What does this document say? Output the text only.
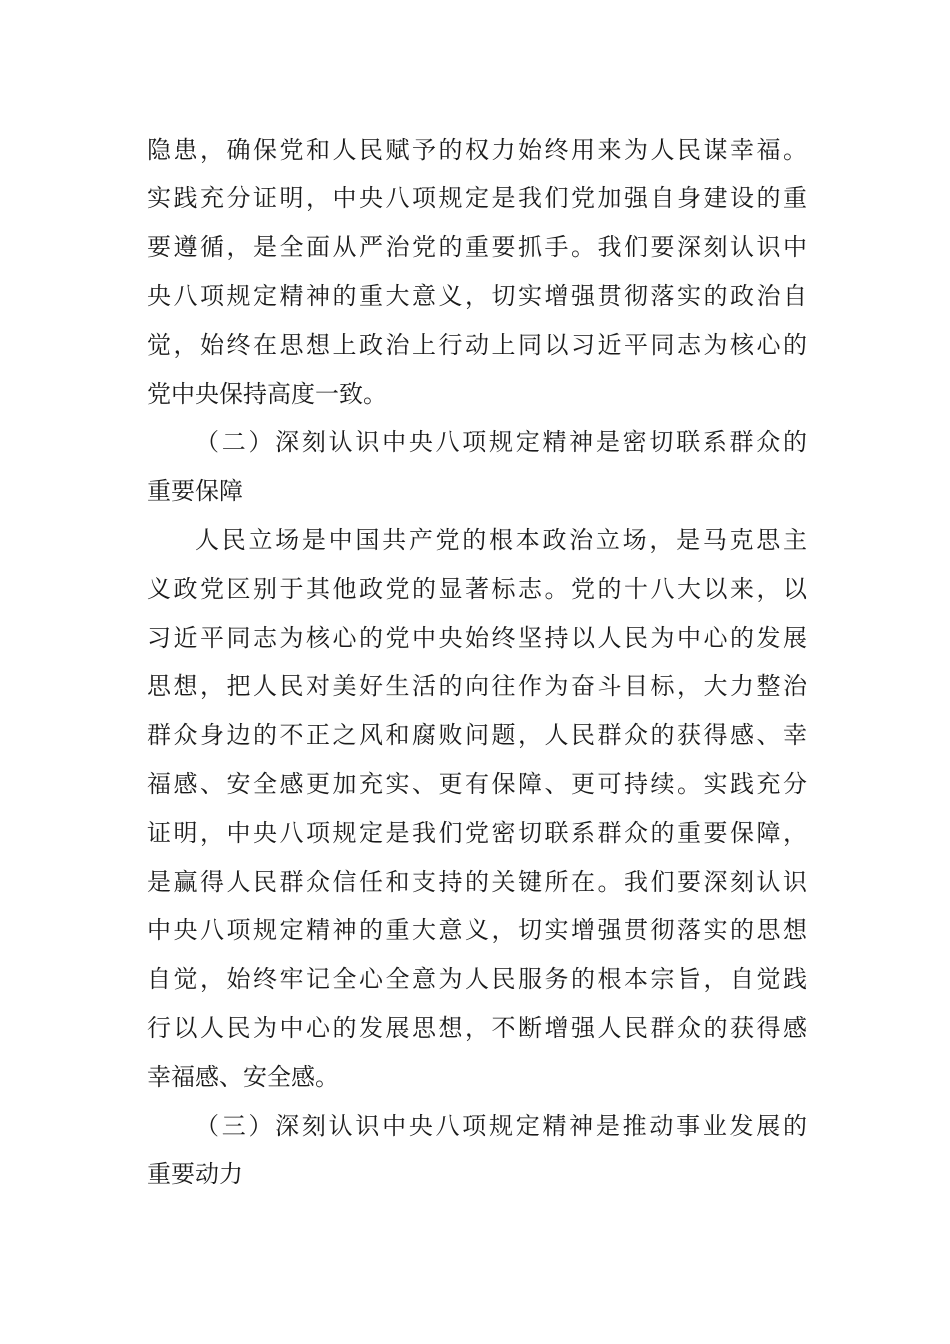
隐患，确保党和人民赋予的权力始终用来为人民谋幸福。
实践充分证明，中央八项规定是我们党加强自身建设的重
要遵循，是全面从严治党的重要抓手。我们要深刻认识中
央八项规定精神的重大意义，切实增强贯彻落实的政治自
觉，始终在思想上政治上行动上同以习近平同志为核心的
党中央保持高度一致。
（二）深刻认识中央八项规定精神是密切联系群众的
重要保障
人民立场是中国共产党的根本政治立场，是马克思主
义政党区别于其他政党的显著标志。党的十八大以来，以
习近平同志为核心的党中央始终坚持以人民为中心的发展
思想，把人民对美好生活的向往作为奋斗目标，大力整治
群众身边的不正之风和腐败问题，人民群众的获得感、幸
福感、安全感更加充实、更有保障、更可持续。实践充分
证明，中央八项规定是我们党密切联系群众的重要保障，
是赢得人民群众信任和支持的关键所在。我们要深刻认识
中央八项规定精神的重大意义，切实增强贯彻落实的思想
自觉，始终牢记全心全意为人民服务的根本宗旨，自觉践
行以人民为中心的发展思想，不断增强人民群众的获得感
幸福感、安全感。
（三）深刻认识中央八项规定精神是推动事业发展的
重要动力
